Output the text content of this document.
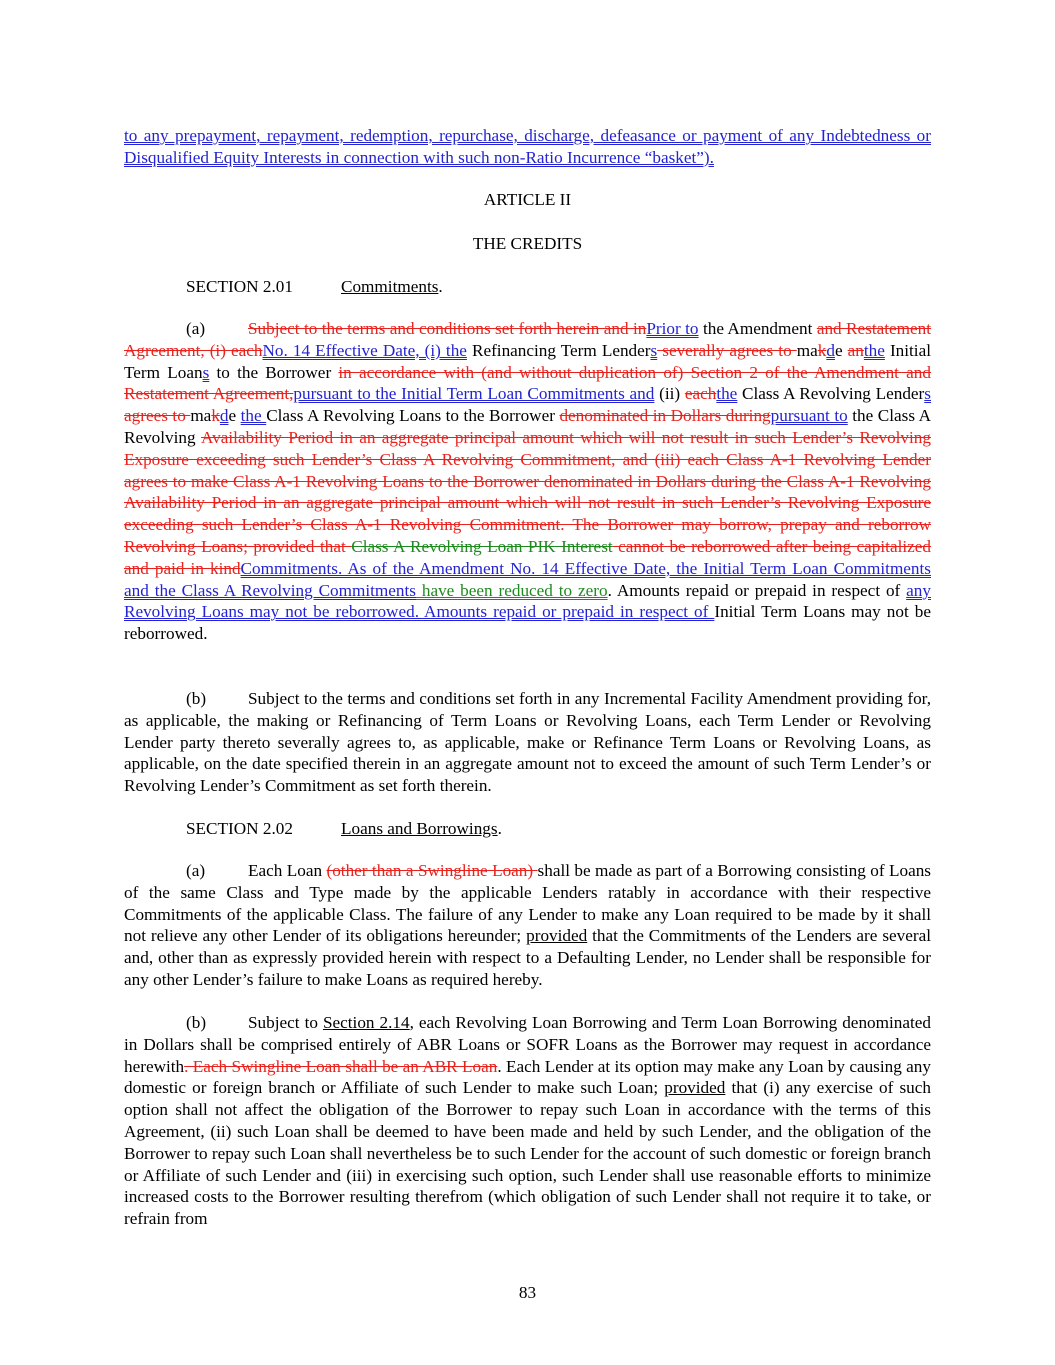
to any prepayment, repayment, redemption, repurchase, discharge, defeasance or payment of any Indebtedness or Disqualified Equity Interests in connection with such non-Ratio Incurrence “basket”).

ARTICLE II

THE CREDITS

SECTION 2.01	Commitments.

(a) Subject to the terms and conditions set forth herein and inPrior to the Amendment and Restatement Agreement, (i) eachNo. 14 Effective Date, (i) the Refinancing Term Lenders severally agrees to makde anthe Initial Term Loans to the Borrower in accordance with (and without duplication of) Section 2 of the Amendment and Restatement Agreement,pursuant to the Initial Term Loan Commitments and (ii) eachthe Class A Revolving Lenders agrees to makde the Class A Revolving Loans to the Borrower denominated in Dollars duringpursuant to the Class A Revolving Availability Period in an aggregate principal amount which will not result in such Lender’s Revolving Exposure exceeding such Lender’s Class A Revolving Commitment, and (iii) each Class A-1 Revolving Lender agrees to make Class A-1 Revolving Loans to the Borrower denominated in Dollars during the Class A-1 Revolving Availability Period in an aggregate principal amount which will not result in such Lender’s Revolving Exposure exceeding such Lender’s Class A-1 Revolving Commitment. The Borrower may borrow, prepay and reborrow Revolving Loans; provided that Class A Revolving Loan PIK Interest cannot be reborrowed after being capitalized and paid in kindCommitments. As of the Amendment No. 14 Effective Date, the Initial Term Loan Commitments and the Class A Revolving Commitments have been reduced to zero. Amounts repaid or prepaid in respect of any Revolving Loans may not be reborrowed. Amounts repaid or prepaid in respect of Initial Term Loans may not be reborrowed.

(b) Subject to the terms and conditions set forth in any Incremental Facility Amendment providing for, as applicable, the making or Refinancing of Term Loans or Revolving Loans, each Term Lender or Revolving Lender party thereto severally agrees to, as applicable, make or Refinance Term Loans or Revolving Loans, as applicable, on the date specified therein in an aggregate amount not to exceed the amount of such Term Lender’s or Revolving Lender’s Commitment as set forth therein.

SECTION 2.02	Loans and Borrowings.

(a) Each Loan (other than a Swingline Loan) shall be made as part of a Borrowing consisting of Loans of the same Class and Type made by the applicable Lenders ratably in accordance with their respective Commitments of the applicable Class. The failure of any Lender to make any Loan required to be made by it shall not relieve any other Lender of its obligations hereunder; provided that the Commitments of the Lenders are several and, other than as expressly provided herein with respect to a Defaulting Lender, no Lender shall be responsible for any other Lender’s failure to make Loans as required hereby.

(b) Subject to Section 2.14, each Revolving Loan Borrowing and Term Loan Borrowing denominated in Dollars shall be comprised entirely of ABR Loans or SOFR Loans as the Borrower may request in accordance herewith. Each Swingline Loan shall be an ABR Loan. Each Lender at its option may make any Loan by causing any domestic or foreign branch or Affiliate of such Lender to make such Loan; provided that (i) any exercise of such option shall not affect the obligation of the Borrower to repay such Loan in accordance with the terms of this Agreement, (ii) such Loan shall be deemed to have been made and held by such Lender, and the obligation of the Borrower to repay such Loan shall nevertheless be to such Lender for the account of such domestic or foreign branch or Affiliate of such Lender and (iii) in exercising such option, such Lender shall use reasonable efforts to minimize increased costs to the Borrower resulting therefrom (which obligation of such Lender shall not require it to take, or refrain from

83
